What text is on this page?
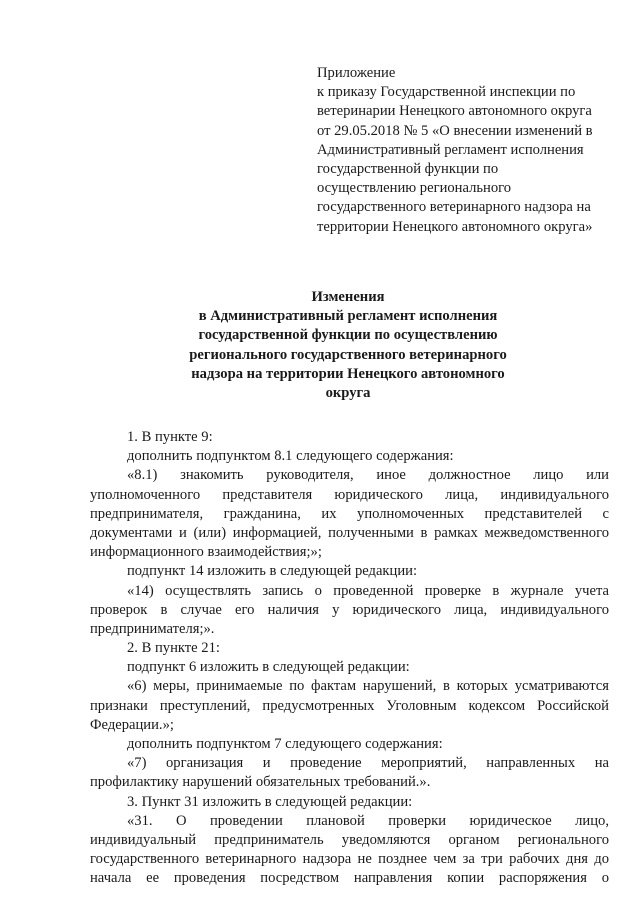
Приложение
к приказу Государственной инспекции по
ветеринарии Ненецкого автономного округа
от 29.05.2018 № 5 «О внесении изменений в
Административный регламент исполнения
государственной функции по
осуществлению регионального
государственного ветеринарного надзора на
территории Ненецкого автономного округа»
Изменения
в Административный регламент исполнения
государственной функции по осуществлению
регионального государственного ветеринарного
надзора на территории Ненецкого автономного
округа
1. В пункте 9:
дополнить подпунктом 8.1 следующего содержания:
«8.1) знакомить руководителя, иное должностное лицо или
уполномоченного представителя юридического лица, индивидуального
предпринимателя, гражданина, их уполномоченных представителей с
документами и (или) информацией, полученными в рамках межведомственного
информационного взаимодействия;»;
подпункт 14 изложить в следующей редакции:
«14) осуществлять запись о проведенной проверке в журнале учета
проверок в случае его наличия у юридического лица, индивидуального
предпринимателя;».
2. В пункте 21:
подпункт 6 изложить в следующей редакции:
«6) меры, принимаемые по фактам нарушений, в которых усматриваются
признаки преступлений, предусмотренных Уголовным кодексом Российской
Федерации.»;
дополнить подпунктом 7 следующего содержания:
«7) организация и проведение мероприятий, направленных на
профилактику нарушений обязательных требований.».
3. Пункт 31 изложить в следующей редакции:
«31. О проведении плановой проверки юридическое лицо,
индивидуальный предприниматель уведомляются органом регионального
государственного ветеринарного надзора не позднее чем за три рабочих дня до
начала ее проведения посредством направления копии распоряжения о
